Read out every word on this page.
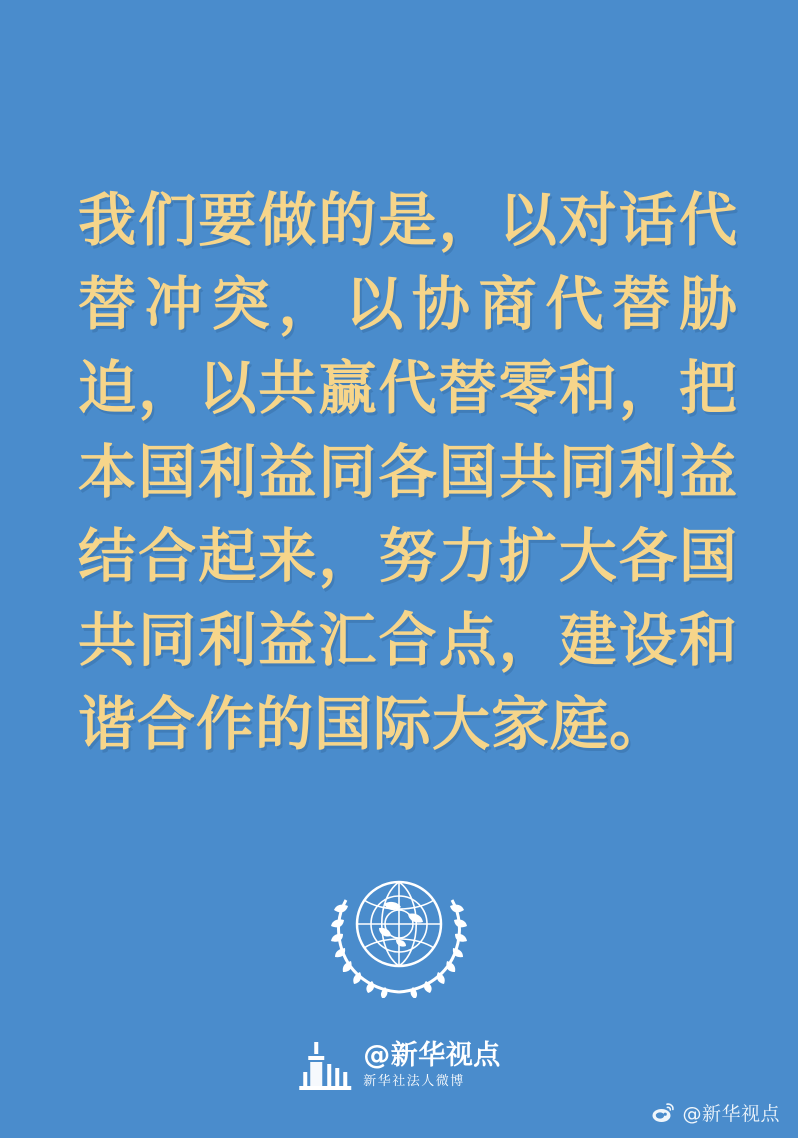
我们要做的是，以对话代替冲突，以协商代替胁迫，以共赢代替零和，把本国利益同各国共同利益结合起来，努力扩大各国共同利益汇合点，建设和谐合作的国际大家庭。

@新华视点
新华社法人微博
@新华视点
